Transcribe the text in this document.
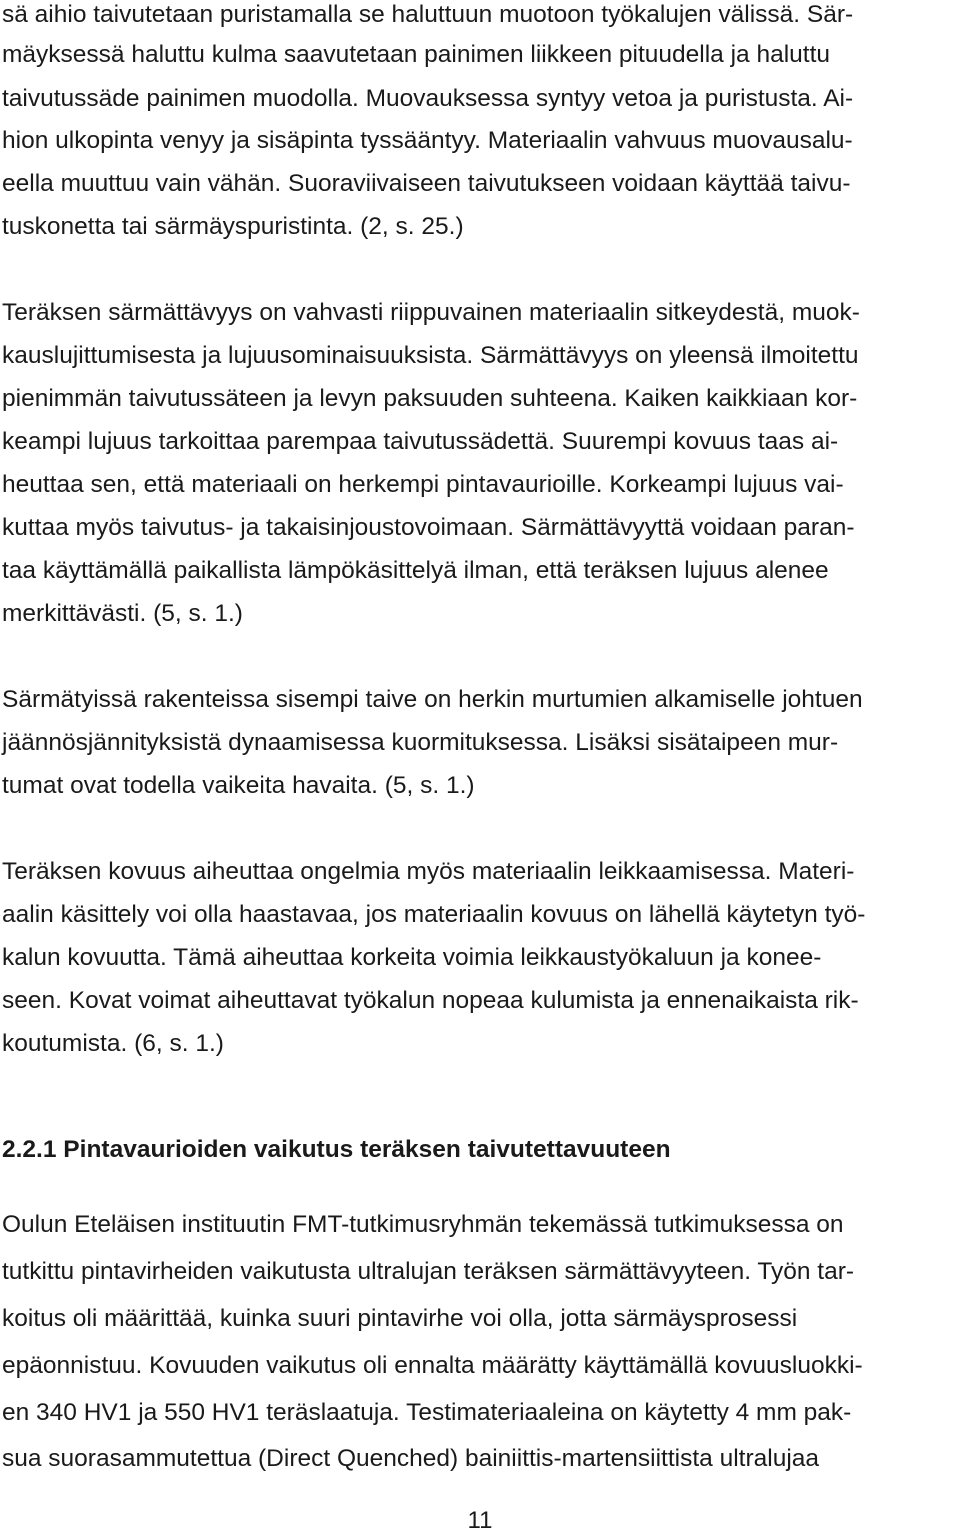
sä aihio taivutetaan puristamalla se haluttuun muotoon työkalujen välissä. Sär-

mäyksessä haluttu kulma saavutetaan painimen liikkeen pituudella ja haluttu

taivutussäde painimen muodolla. Muovauksessa syntyy vetoa ja puristusta. Ai-

hion ulkopinta venyy ja sisäpinta tyssääntyy. Materiaalin vahvuus muovausalu-

eella muuttuu vain vähän. Suoraviivaiseen taivutukseen voidaan käyttää taivu-

tuskonetta tai särmäyspuristinta. (2, s. 25.)

Teräksen särmättävyys on vahvasti riippuvainen materiaalin sitkeydestä, muok-

kauslujittumisesta ja lujuusominaisuuksista. Särmättävyys on yleensä ilmoitettu

pienimmän taivutussäteen ja levyn paksuuden suhteena. Kaiken kaikkiaan kor-

keampi lujuus tarkoittaa parempaa taivutussädettä. Suurempi kovuus taas ai-

heuttaa sen, että materiaali on herkempi pintavaurioille. Korkeampi lujuus vai-

kuttaa myös taivutus- ja takaisinjoustovoimaan. Särmättävyyttä voidaan paran-

taa käyttämällä paikallista lämpökäsittelyä ilman, että teräksen lujuus alenee

merkittävästi. (5, s. 1.)

Särmätyissä rakenteissa sisempi taive on herkin murtumien alkamiselle johtuen

jäännösjännityksistä dynaamisessa kuormituksessa. Lisäksi sisätaipeen mur-

tumat ovat todella vaikeita havaita. (5, s. 1.)

Teräksen kovuus aiheuttaa ongelmia myös materiaalin leikkaamisessa. Materi-

aalin käsittely voi olla haastavaa, jos materiaalin kovuus on lähellä käytetyn työ-

kalun kovuutta. Tämä aiheuttaa korkeita voimia leikkaustyökaluun ja konee-

seen. Kovat voimat aiheuttavat työkalun nopeaa kulumista ja ennenaikaista rik-

koutumista. (6, s. 1.)

2.2.1 Pintavaurioiden vaikutus teräksen taivutettavuuteen

Oulun Eteläisen instituutin FMT-tutkimusryhmän tekemässä tutkimuksessa on

tutkittu pintavirheiden vaikutusta ultralujan teräksen särmättävyyteen. Työn tar-

koitus oli määrittää, kuinka suuri pintavirhe voi olla, jotta särmäysprosessi

epäonnistuu. Kovuuden vaikutus oli ennalta määrätty käyttämällä kovuusluokki-

en 340 HV1 ja 550 HV1 teräslaatuja. Testimateriaaleina on käytetty 4 mm pak-

sua suorasammutettua (Direct Quenched) bainiittis-martensiittista ultralujaa

11
